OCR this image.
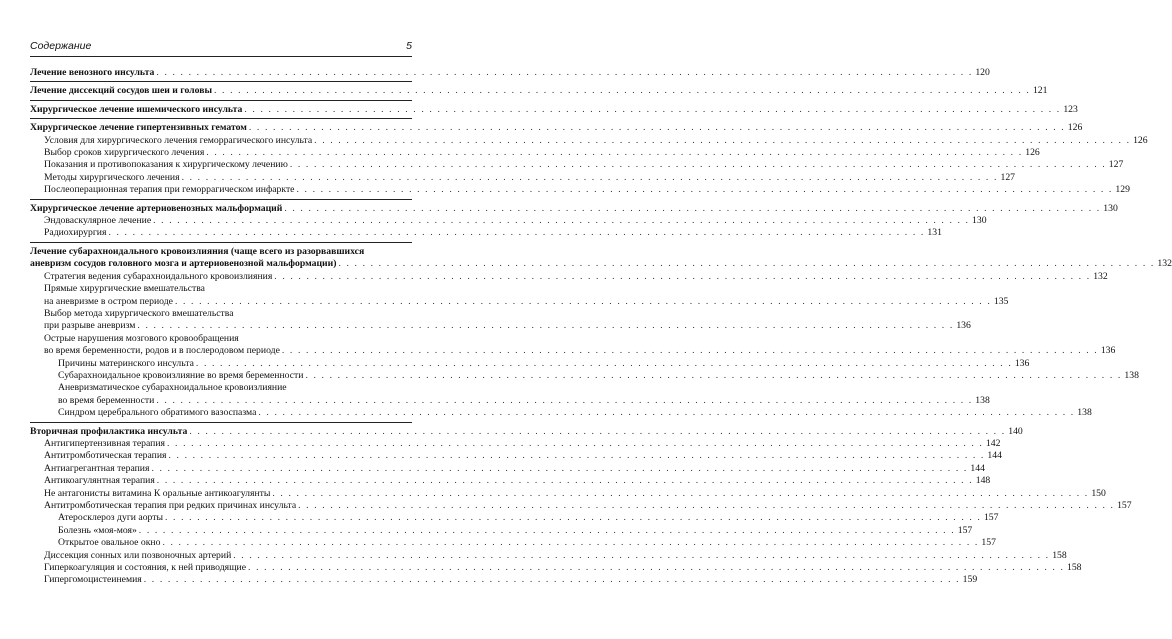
Содержание	5
Лечение венозного инсульта . . .	120
Лечение диссекций сосудов шеи и головы . . .	121
Хирургическое лечение ишемического инсульта . . .	123
Хирургическое лечение гипертензивных гематом . . .	126
Условия для хирургического лечения геморрагического инсульта . . .	126
Выбор сроков хирургического лечения . . .	126
Показания и противопоказания к хирургическому лечению . . .	127
Методы хирургического лечения . . .	127
Послеоперационная терапия при геморрагическом инфаркте . . .	129
Хирургическое лечение артериовенозных мальформаций . . .	130
Эндоваскулярное лечение . . .	130
Радиохирургия . . .	131
Лечение субарахноидального кровоизлияния (чаще всего из разорвавшихся
аневризм сосудов головного мозга и артериовенозной мальформации) . . .	132
Стратегия ведения субарахноидального кровоизлияния . . .	132
Прямые хирургические вмешательства
на аневризме в остром периоде . . .	135
Выбор метода хирургического вмешательства
при разрыве аневризм . . .	136
Острые нарушения мозгового кровообращения
во время беременности, родов и в послеродовом периоде . . .	136
Причины материнского инсульта . . .	136
Субарахноидальное кровоизлияние во время беременности . . .	138
Аневризматическое субарахноидальное кровоизлияние
во время беременности . . .	138
Синдром церебрального обратимого вазоспазма . . .	138
Вторичная профилактика инсульта . . .	140
Антигипертензивная терапия . . .	142
Антитромботическая терапия . . .	144
Антиагрегантная терапия . . .	144
Антикоагулянтная терапия . . .	148
Не антагонисты витамина К оральные антикоагулянты . . .	150
Антитромботическая терапия при редких причинах инсульта . . .	157
Атеросклероз дуги аорты . . .	157
Болезнь «моя-моя» . . .	157
Открытое овальное окно . . .	157
Диссекция сонных или позвоночных артерий . . .	158
Гиперкоагуляция и состояния, к ней приводящие . . .	158
Гипергомоцистеинемия . . .	159
